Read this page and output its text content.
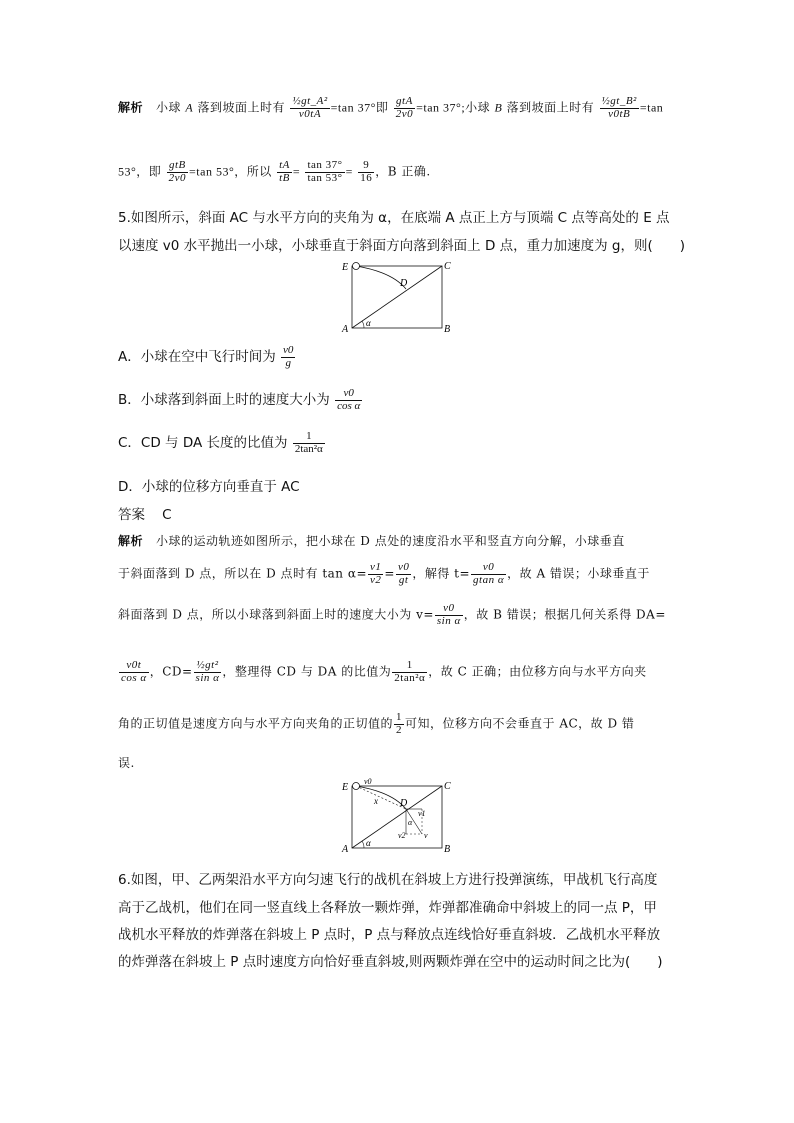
解析 小球 A 落到坡面上时有 $\frac{\text{½gt\_A²}}{v0tA} =\tan$ 37°即 $\frac{\text{gtA}}{2v0} =\tan$ 37°;小球 B 落到坡面上时有 $\frac{\text{½gt\_B²}}{v0tB} =\tan$
53°，即 $\frac{\text{gtB}}{2v0} =\tan$ 53°，所以 $\frac{tA}{tB} = \frac{\tan 37^\circ}{\tan 53^\circ} = \frac{9}{16}$ ，B 正确.
5.如图所示，斜面 AC 与水平方向的夹角为 α，在底端 A 点正上方与顶端 C 点等高处的 E 点
以速度 v0 水平抛出一小球，小球垂直于斜面方向落到斜面上 D 点，重力加速度为 g，则(　　)
E	C
D
A	B
α
A．小球在空中飞行时间为 $\frac{v0}{g}$
B．小球落到斜面上时的速度大小为 $\frac{v0}{\text{cos α}}$
C．CD 与 DA 长度的比值为 $\frac{1}{\text{2tan²α}}$
D．小球的位移方向垂直于 AC
答案 C
解析 小球的运动轨迹如图所示，把小球在 D 点处的速度沿水平和竖直方向分解，小球垂直
于斜面落到 D 点，所以在 D 点时有 $\tan \alpha= \frac{v1}{v2} = \frac{v0}{gt}$ ，解得 $t= \frac{v0}{\text{gtan α}}$ ，故 A 错误；小球垂直于
斜面落到 D 点，所以小球落到斜面上时的速度大小为 $v= \frac{v0}{\text{sin α}}$ ，故 B 错误；根据几何关系得 DA=
$\frac{v0t}{\text{cos α}}$ ，$CD= \frac{\text{½gt²}}{\text{sin α}}$ ，整理得 CD 与 DA 的比值为 $\frac{1}{\text{2tan²α}}$ ，故 C 正确；由位移方向与水平方向夹
角的正切值是速度方向与水平方向夹角的正切值的 $\frac{1}{2}$ 可知，位移方向不会垂直于 AC，故 D 错
误.
E	C
v0
x D
v1
α
v2 v
A
α
B
6.如图，甲、乙两架沿水平方向匀速飞行的战机在斜坡上方进行投弹演练，甲战机飞行高度
高于乙战机，他们在同一竖直线上各释放一颗炸弹，炸弹都准确命中斜坡上的同一点 P，甲
战机水平释放的炸弹落在斜坡上 P 点时，P 点与释放点连线恰好垂直斜坡．乙战机水平释放
的炸弹落在斜坡上 P 点时速度方向恰好垂直斜坡,则两颗炸弹在空中的运动时间之比为(　　)
